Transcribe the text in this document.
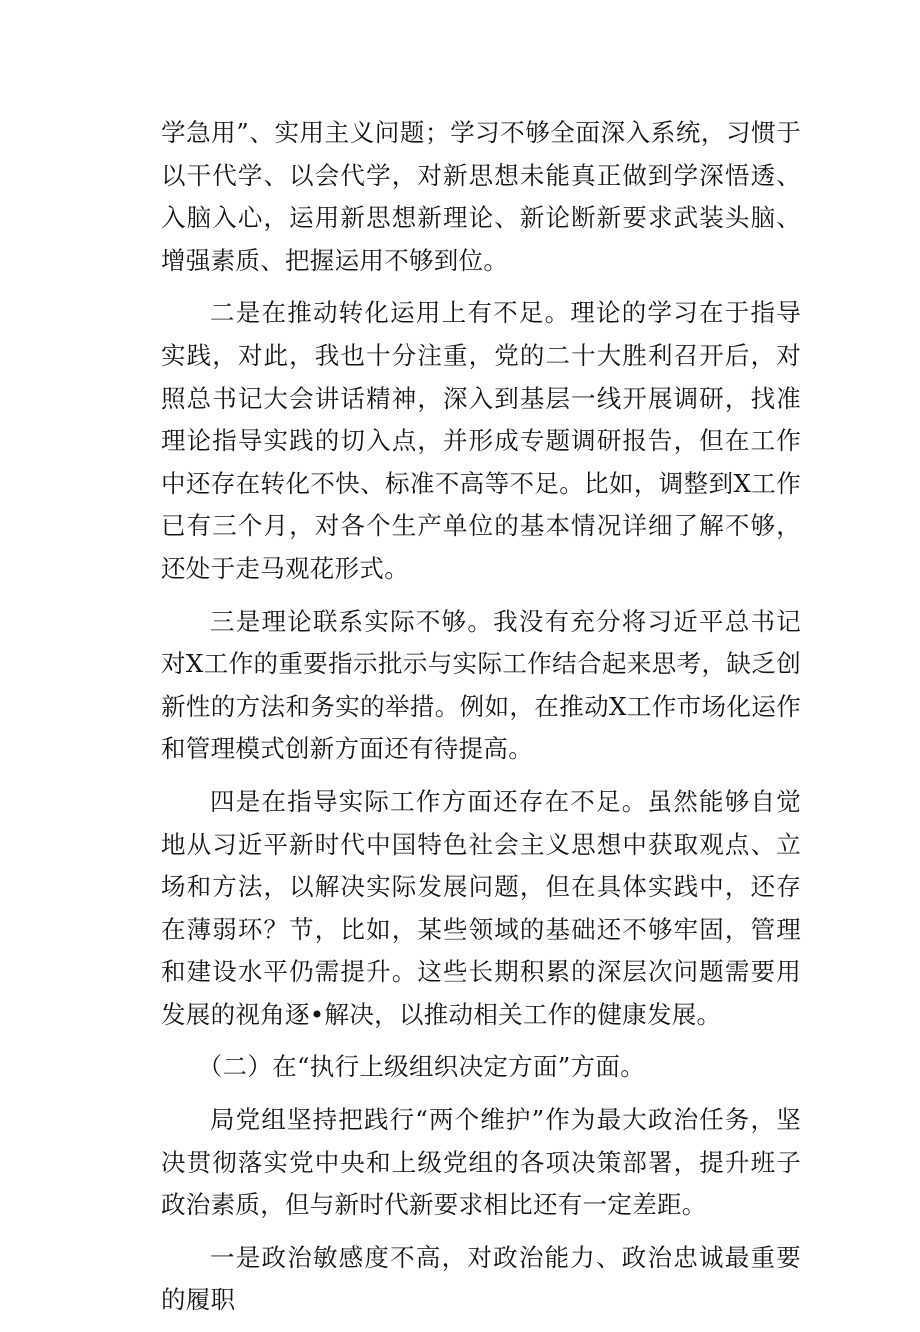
学急用”、实用主义问题；学习不够全面深入系统，习惯于以干代学、以会代学，对新思想未能真正做到学深悟透、入脑入心，运用新思想新理论、新论断新要求武装头脑、增强素质、把握运用不够到位。

二是在推动转化运用上有不足。理论的学习在于指导实践，对此，我也十分注重，党的二十大胜利召开后，对照总书记大会讲话精神，深入到基层一线开展调研，找准理论指导实践的切入点，并形成专题调研报告，但在工作中还存在转化不快、标准不高等不足。比如，调整到X工作已有三个月，对各个生产单位的基本情况详细了解不够，还处于走马观花形式。

三是理论联系实际不够。我没有充分将习近平总书记对X工作的重要指示批示与实际工作结合起来思考，缺乏创新性的方法和务实的举措。例如，在推动X工作市场化运作和管理模式创新方面还有待提高。

四是在指导实际工作方面还存在不足。虽然能够自觉地从习近平新时代中国特色社会主义思想中获取观点、立场和方法，以解决实际发展问题，但在具体实践中，还存在薄弱环？节，比如，某些领域的基础还不够牢固，管理和建设水平仍需提升。这些长期积累的深层次问题需要用发展的视角逐•解决，以推动相关工作的健康发展。

（二）在“执行上级组织决定方面”方面。

局党组坚持把践行“两个维护”作为最大政治任务，坚决贯彻落实党中央和上级党组的各项决策部署，提升班子政治素质，但与新时代新要求相比还有一定差距。

一是政治敏感度不高，对政治能力、政治忠诚最重要的履职
